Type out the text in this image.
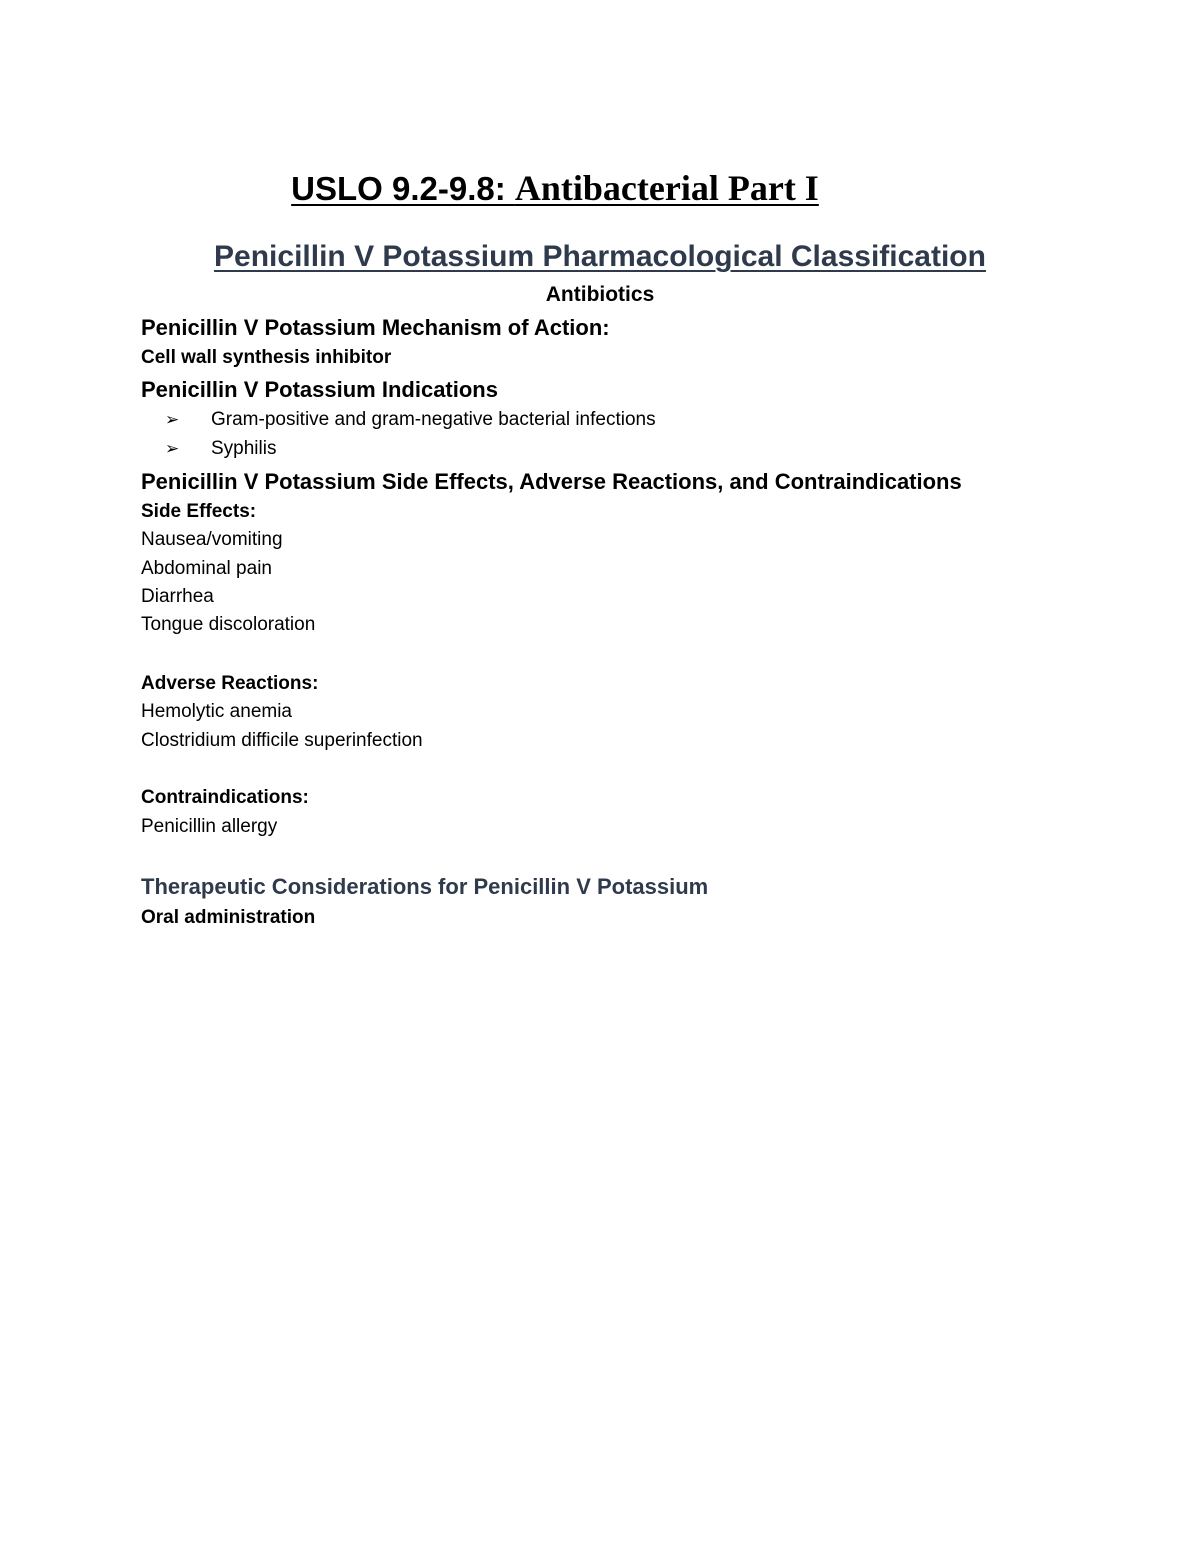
USLO 9.2-9.8: Antibacterial Part I
Penicillin V Potassium Pharmacological Classification
Antibiotics
Penicillin V Potassium Mechanism of Action:
Cell wall synthesis inhibitor
Penicillin V Potassium Indications
➢ Gram-positive and gram-negative bacterial infections
➢ Syphilis
Penicillin V Potassium Side Effects, Adverse Reactions, and Contraindications
Side Effects:
Nausea/vomiting
Abdominal pain
Diarrhea
Tongue discoloration
Adverse Reactions:
Hemolytic anemia
Clostridium difficile superinfection
Contraindications:
Penicillin allergy
Therapeutic Considerations for Penicillin V Potassium
Oral administration
